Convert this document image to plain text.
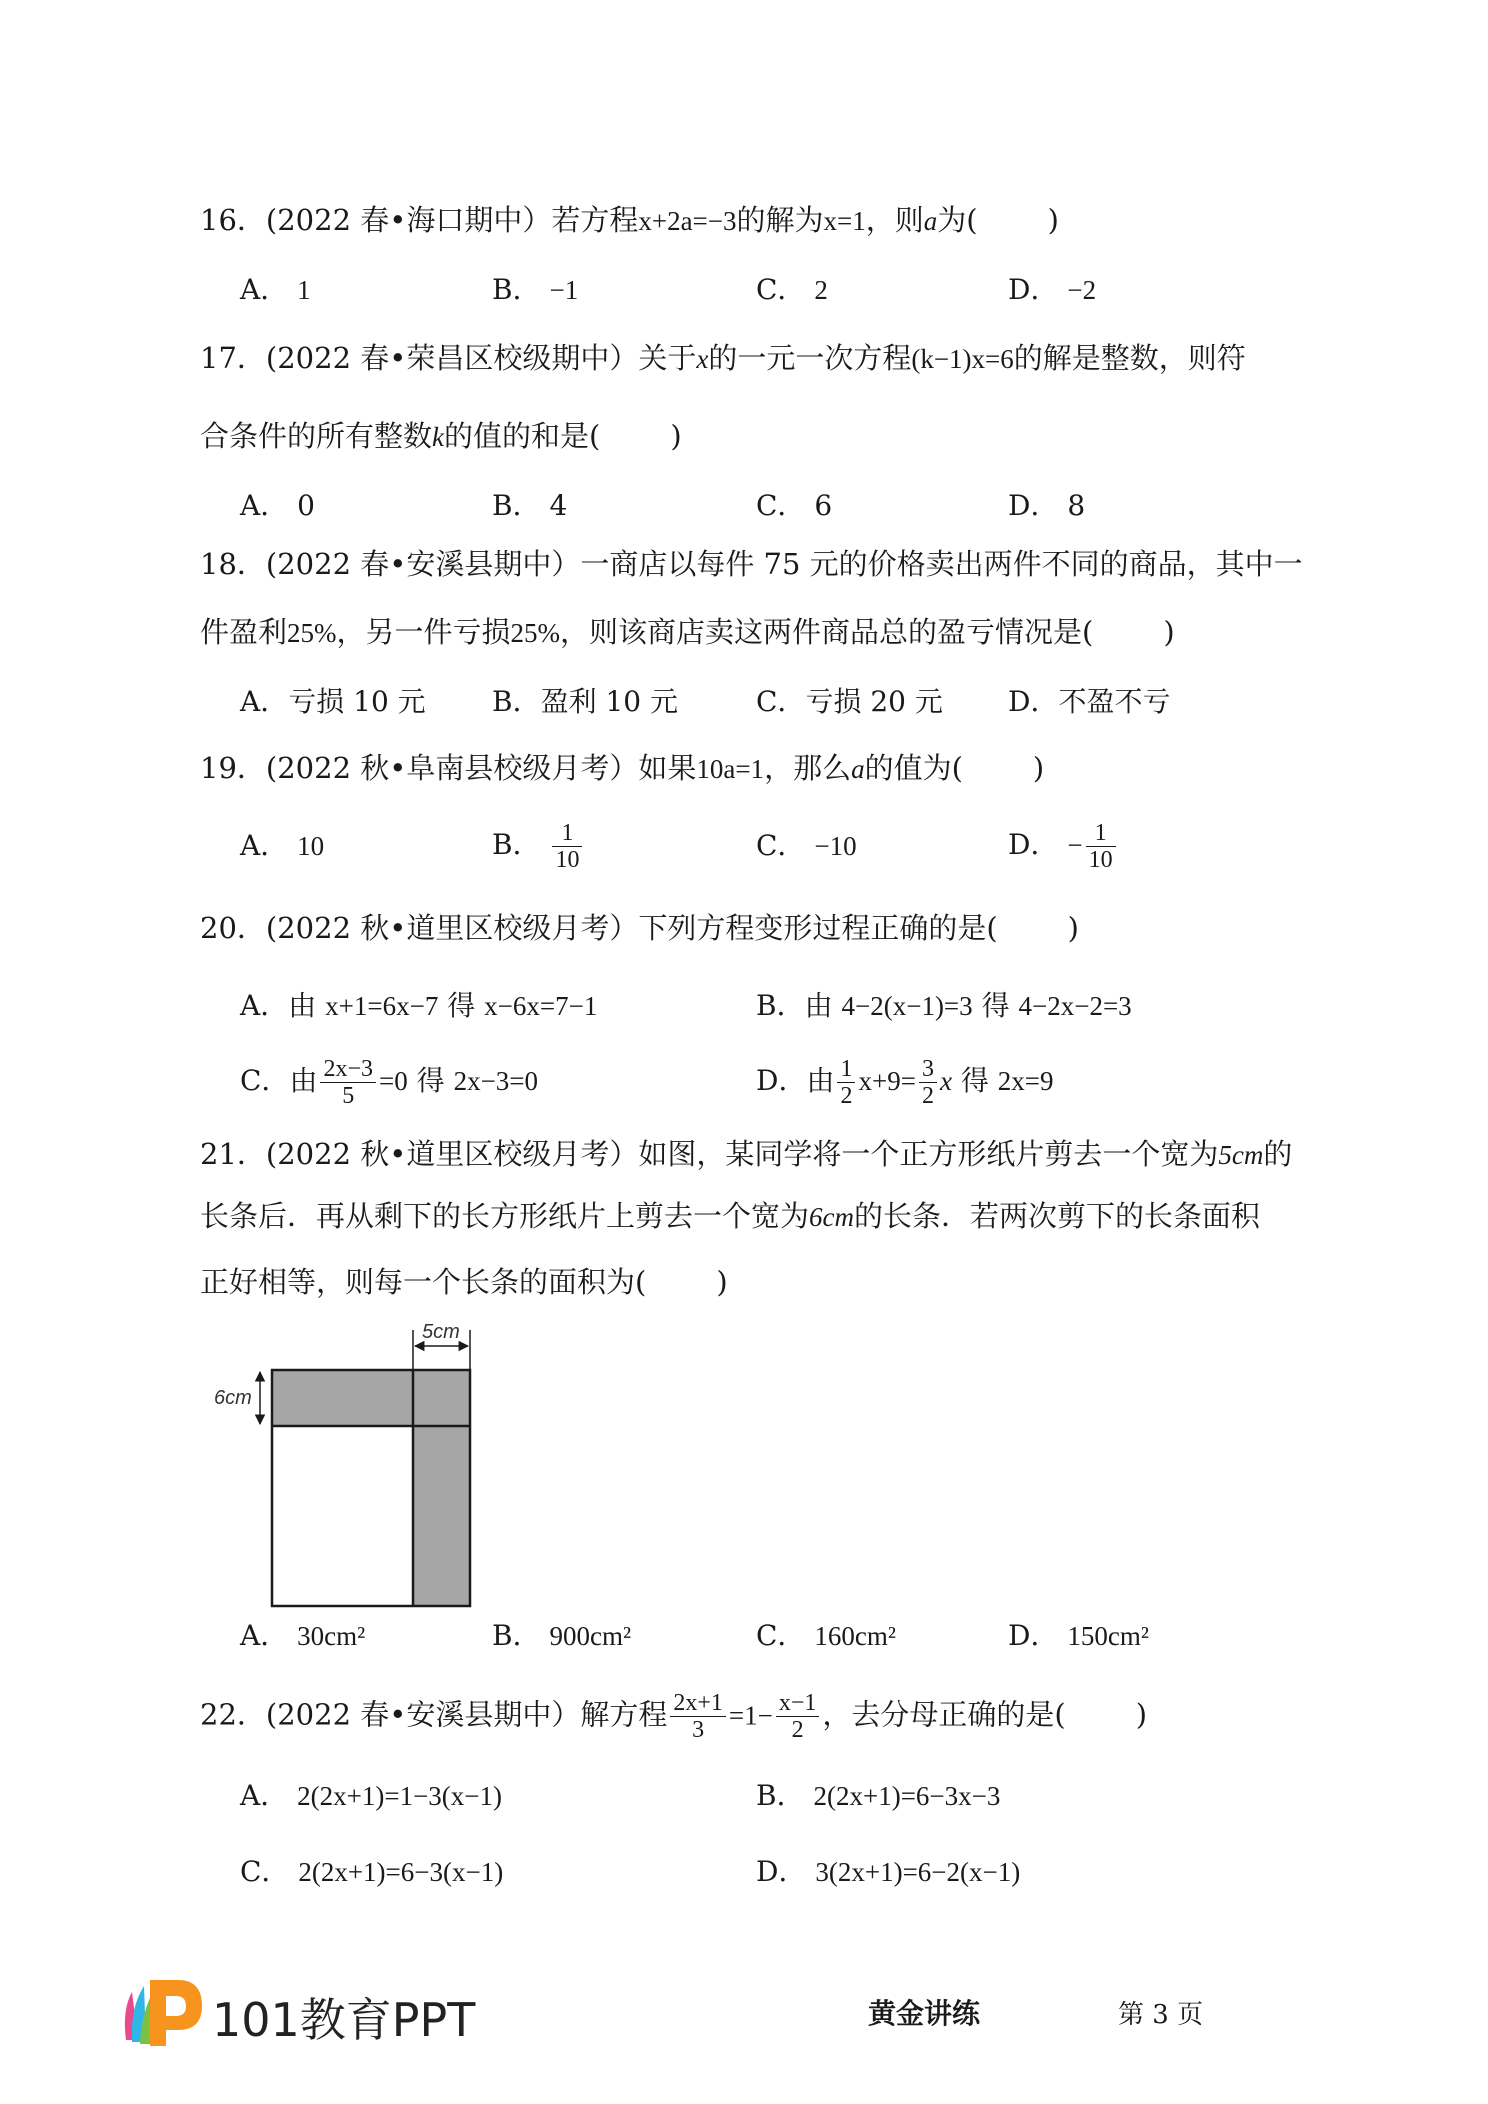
16．(2022 春•海口期中）若方程x+2a=−3的解为x=1，则a为( )
A． 1	B． −1	C． 2	D． −2
17．(2022 春•荣昌区校级期中）关于x的一元一次方程(k−1)x=6的解是整数，则符
合条件的所有整数k的值的和是( )
A． 0	B． 4	C． 6	D． 8
18．(2022 春•安溪县期中）一商店以每件 75 元的价格卖出两件不同的商品，其中一
件盈利25%，另一件亏损25%，则该商店卖这两件商品总的盈亏情况是( )
A．亏损 10 元 B．盈利 10 元	C．亏损 20 元 D．不盈不亏
19．(2022 秋•阜南县校级月考）如果10a=1，那么a的值为( )
A． 10	B． $\frac{1}{10}$	C． −10	D． − $\frac{1}{10}$
20．(2022 秋•道里区校级月考）下列方程变形过程正确的是( )
A．由 x+1=6x−7 得 x−6x=7−1	B．由 4−2(x−1)=3 得 4−2x−2=3
C．由 $\frac{2x-3}{5} =0$ 得 2x−3=0	D．由 $\frac{1}{2} x+9= \frac{3}{2}$ x 得 2x=9
21．(2022 秋•道里区校级月考）如图，某同学将一个正方形纸片剪去一个宽为5cm的
长条后．再从剩下的长方形纸片上剪去一个宽为6cm的长条．若两次剪下的长条面积
正好相等，则每一个长条的面积为( )
5cm
6cm
A． 30cm²	B． 900cm²	C． 160cm²	D． 150cm²
22．(2022 春•安溪县期中）解方程 $\frac{2x+1}{3} =1- \frac{x-1}{2}$ ，去分母正确的是( )
A． 2(2x+1)=1−3(x−1)	B． 2(2x+1)=6−3x−3
C． 2(2x+1)=6−3(x−1)	D． 3(2x+1)=6−2(x−1)
101教育PPT	黄金讲练	第 3 页
